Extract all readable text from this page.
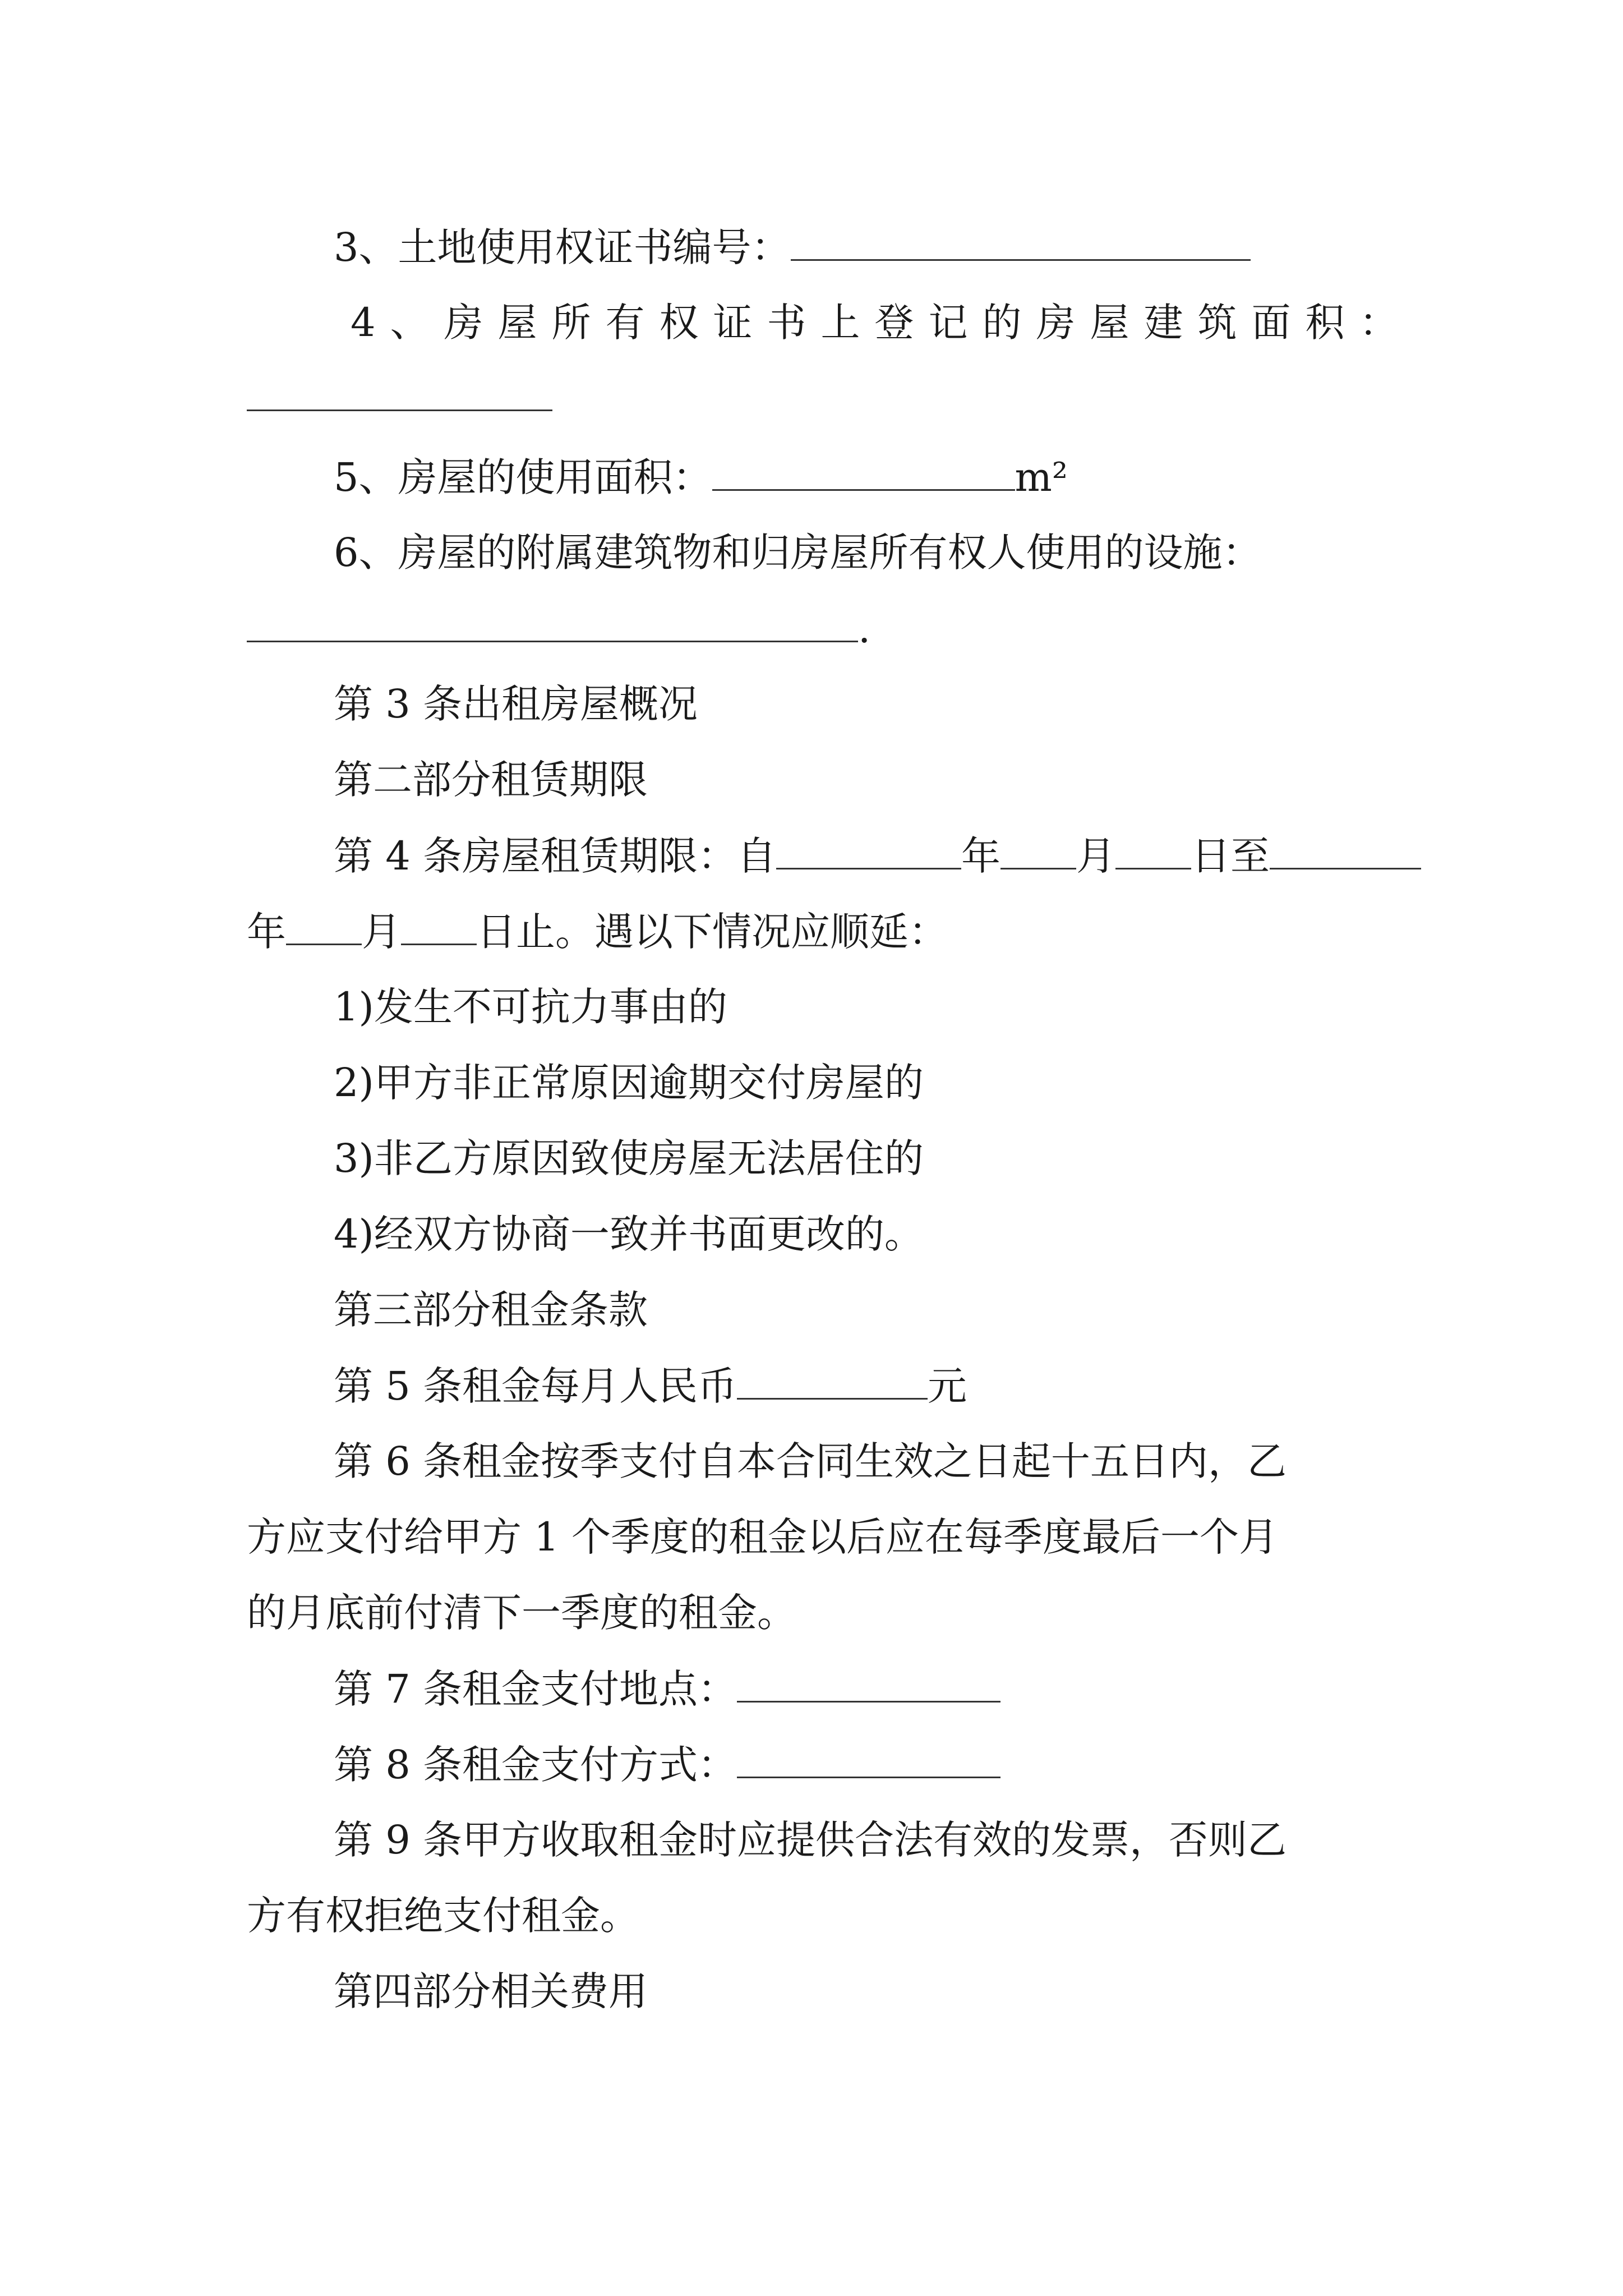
3、土地使用权证书编号：
4、房屋所有权证书上登记的房屋建筑面积：
5、房屋的使用面积：	m²
6、房屋的附属建筑物和归房屋所有权人使用的设施：
.
第 3 条出租房屋概况
第二部分租赁期限
第 4 条房屋租赁期限：自	年 月 日至
年 月 日止。遇以下情况应顺延：
1)发生不可抗力事由的
2)甲方非正常原因逾期交付房屋的
3)非乙方原因致使房屋无法居住的
4)经双方协商一致并书面更改的。
第三部分租金条款
第 5 条租金每月人民币	元
第 6 条租金按季支付自本合同生效之日起十五日内，乙
方应支付给甲方 1 个季度的租金以后应在每季度最后一个月
的月底前付清下一季度的租金。
第 7 条租金支付地点：
第 8 条租金支付方式：
第 9 条甲方收取租金时应提供合法有效的发票，否则乙
方有权拒绝支付租金。
第四部分相关费用
